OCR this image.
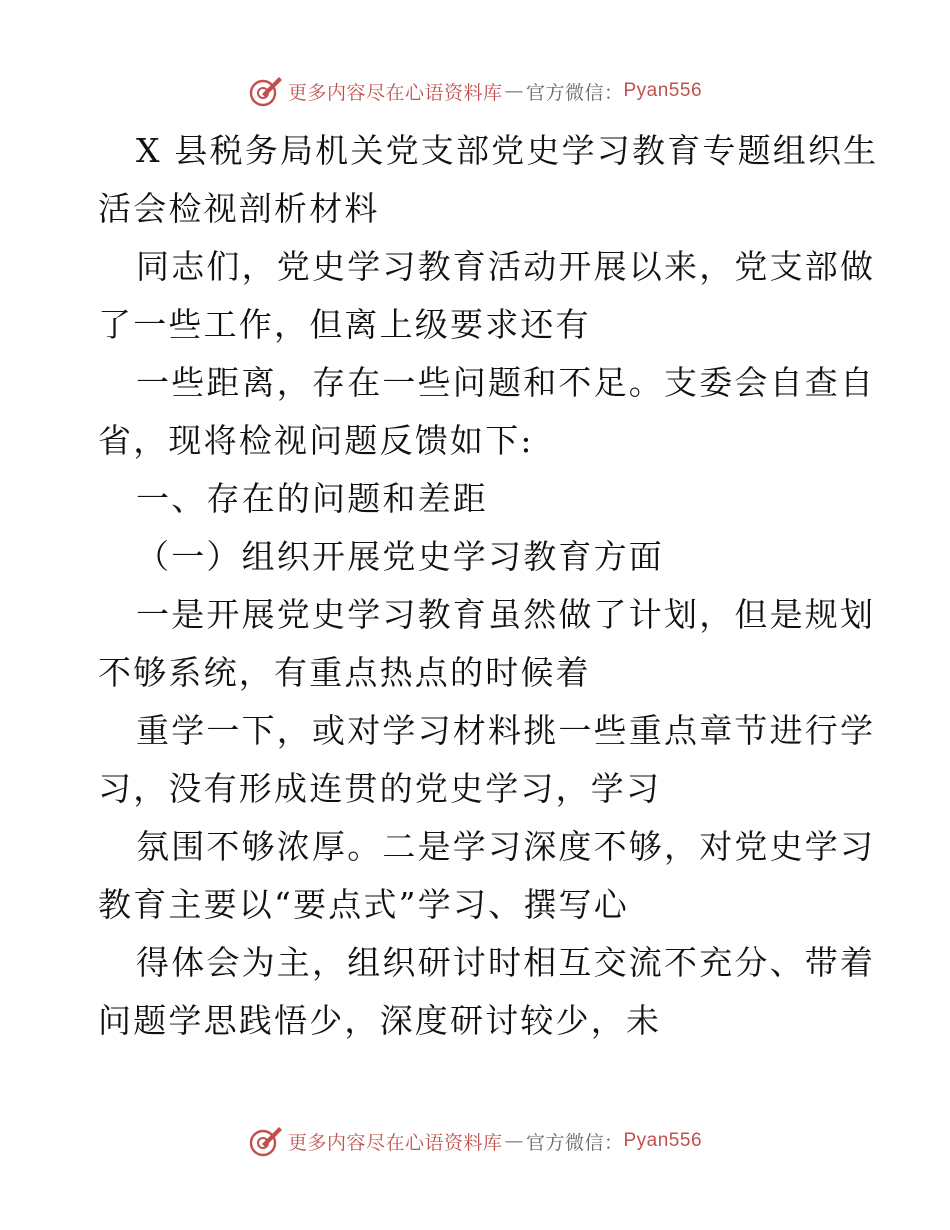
更多内容尽在心语资料库 — 官方微信： Pyan556
X 县税务局机关党支部党史学习教育专题组织生
活会检视剖析材料
同志们，党史学习教育活动开展以来，党支部做
了一些工作，但离上级要求还有
一些距离，存在一些问题和不足。支委会自查自
省，现将检视问题反馈如下:
一、存在的问题和差距
（一）组织开展党史学习教育方面
一是开展党史学习教育虽然做了计划，但是规划
不够系统，有重点热点的时候着
重学一下，或对学习材料挑一些重点章节进行学
习，没有形成连贯的党史学习，学习
氛围不够浓厚。二是学习深度不够，对党史学习
教育主要以“要点式”学习、撰写心
得体会为主，组织研讨时相互交流不充分、带着
问题学思践悟少，深度研讨较少，未
更多内容尽在心语资料库 — 官方微信： Pyan556
